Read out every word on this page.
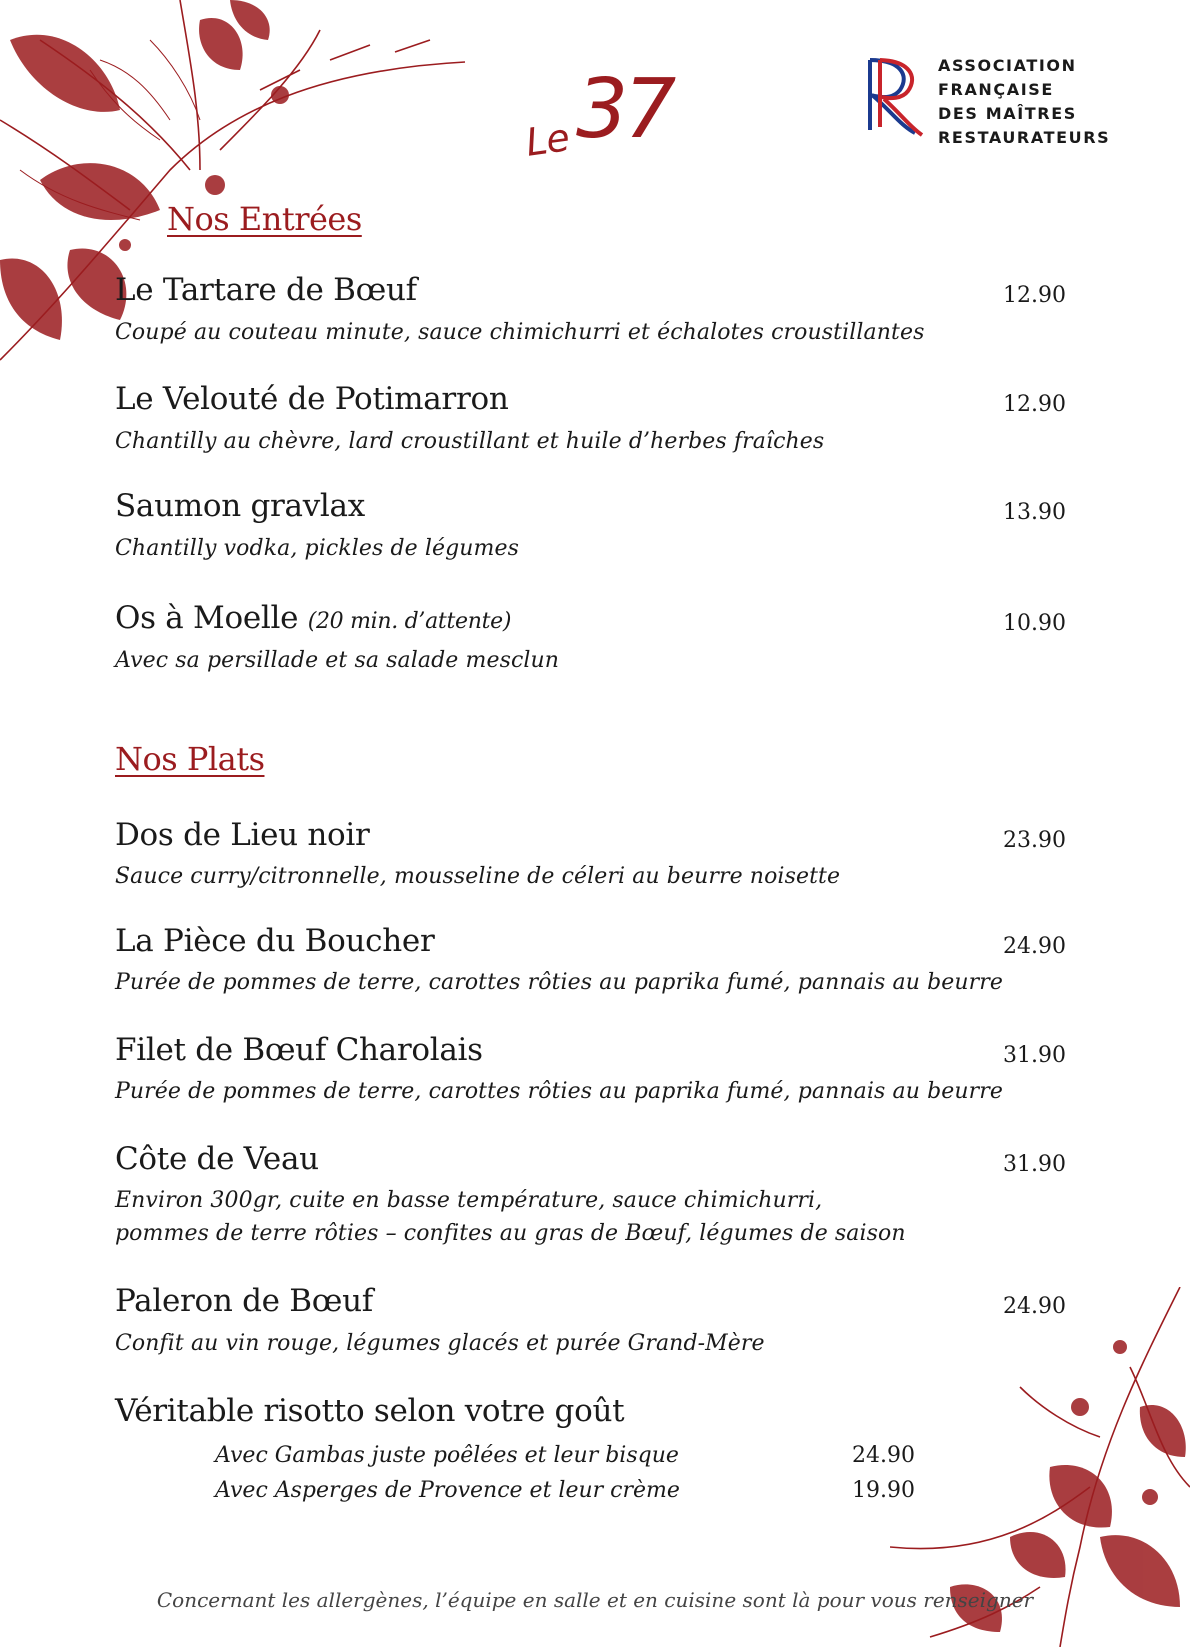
Le 37	ASSOCIATION
FRANÇAISE
DES MAÎTRES
RESTAURATEURS
Nos Entrées
Le Tartare de Bœuf	12.90
Coupé au couteau minute, sauce chimichurri et échalotes croustillantes
Le Velouté de Potimarron	12.90
Chantilly au chèvre, lard croustillant et huile d’herbes fraîches
Saumon gravlax	13.90
Chantilly vodka, pickles de légumes
Os à Moelle (20 min. d’attente)	10.90
Avec sa persillade et sa salade mesclun
Nos Plats
Dos de Lieu noir	23.90
Sauce curry/citronnelle, mousseline de céleri au beurre noisette
La Pièce du Boucher	24.90
Purée de pommes de terre, carottes rôties au paprika fumé, pannais au beurre
Filet de Bœuf Charolais	31.90
Purée de pommes de terre, carottes rôties au paprika fumé, pannais au beurre
Côte de Veau	31.90
Environ 300gr, cuite en basse température, sauce chimichurri,
pommes de terre rôties – confites au gras de Bœuf, légumes de saison
Paleron de Bœuf	24.90
Confit au vin rouge, légumes glacés et purée Grand-Mère
Véritable risotto selon votre goût
Avec Gambas juste poêlées et leur bisque	24.90
Avec Asperges de Provence et leur crème	19.90
Concernant les allergènes, l’équipe en salle et en cuisine sont là pour vous renseigner
